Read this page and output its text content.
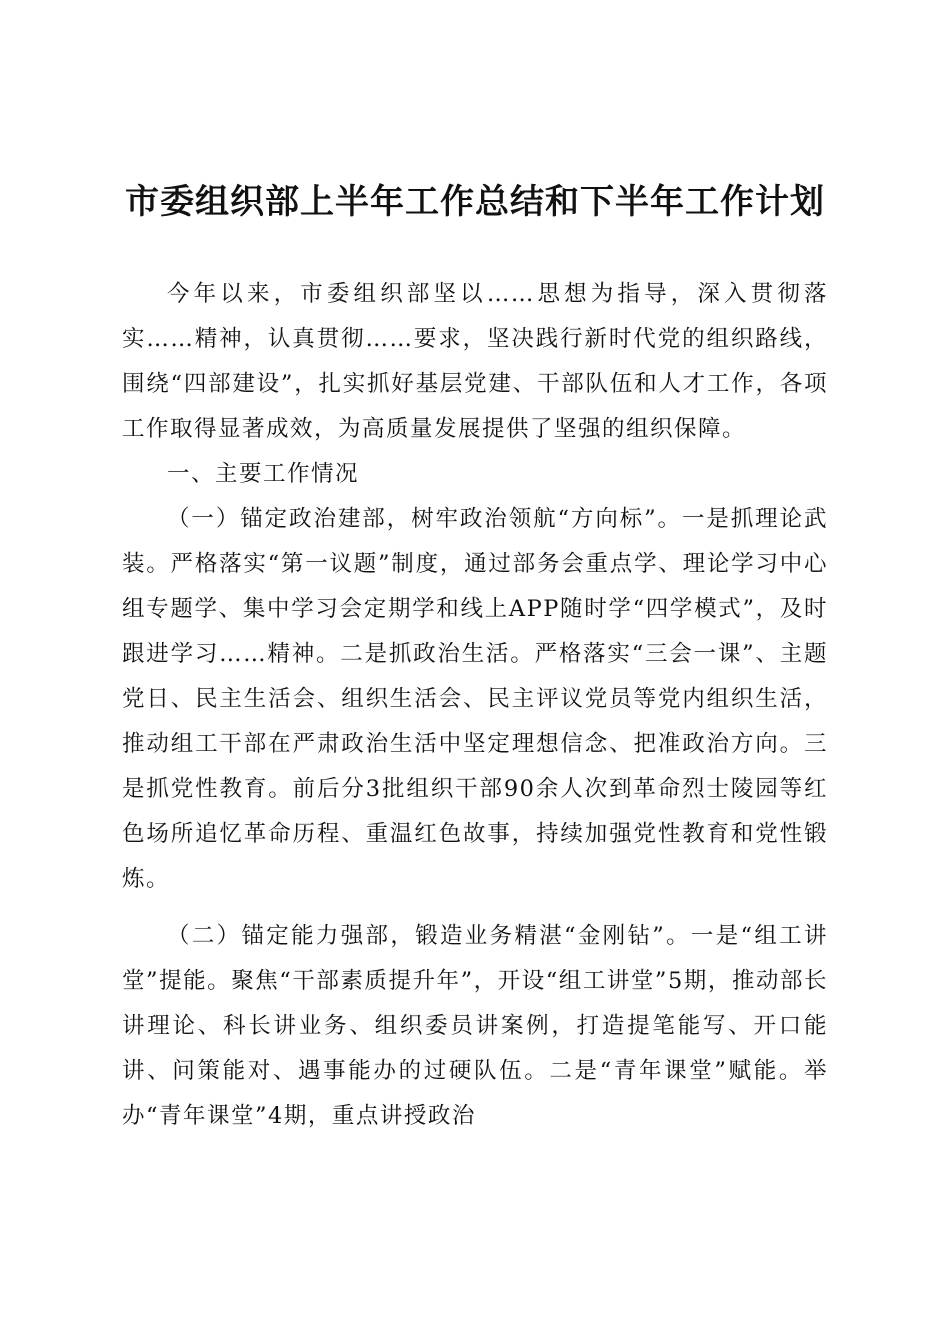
市委组织部上半年工作总结和下半年工作计划

今年以来，市委组织部坚以……思想为指导，深入贯彻落实……精神，认真贯彻……要求，坚决践行新时代党的组织路线，围绕“四部建设”，扎实抓好基层党建、干部队伍和人才工作，各项工作取得显著成效，为高质量发展提供了坚强的组织保障。

一、主要工作情况

（一）锚定政治建部，树牢政治领航“方向标”。一是抓理论武装。严格落实“第一议题”制度，通过部务会重点学、理论学习中心组专题学、集中学习会定期学和线上APP随时学“四学模式”，及时跟进学习……精神。二是抓政治生活。严格落实“三会一课”、主题党日、民主生活会、组织生活会、民主评议党员等党内组织生活，推动组工干部在严肃政治生活中坚定理想信念、把准政治方向。三是抓党性教育。前后分3批组织干部90余人次到革命烈士陵园等红色场所追忆革命历程、重温红色故事，持续加强党性教育和党性锻炼。

（二）锚定能力强部，锻造业务精湛“金刚钻”。一是“组工讲堂”提能。聚焦“干部素质提升年”，开设“组工讲堂”5期，推动部长讲理论、科长讲业务、组织委员讲案例，打造提笔能写、开口能讲、问策能对、遇事能办的过硬队伍。二是“青年课堂”赋能。举办“青年课堂”4期，重点讲授政治
